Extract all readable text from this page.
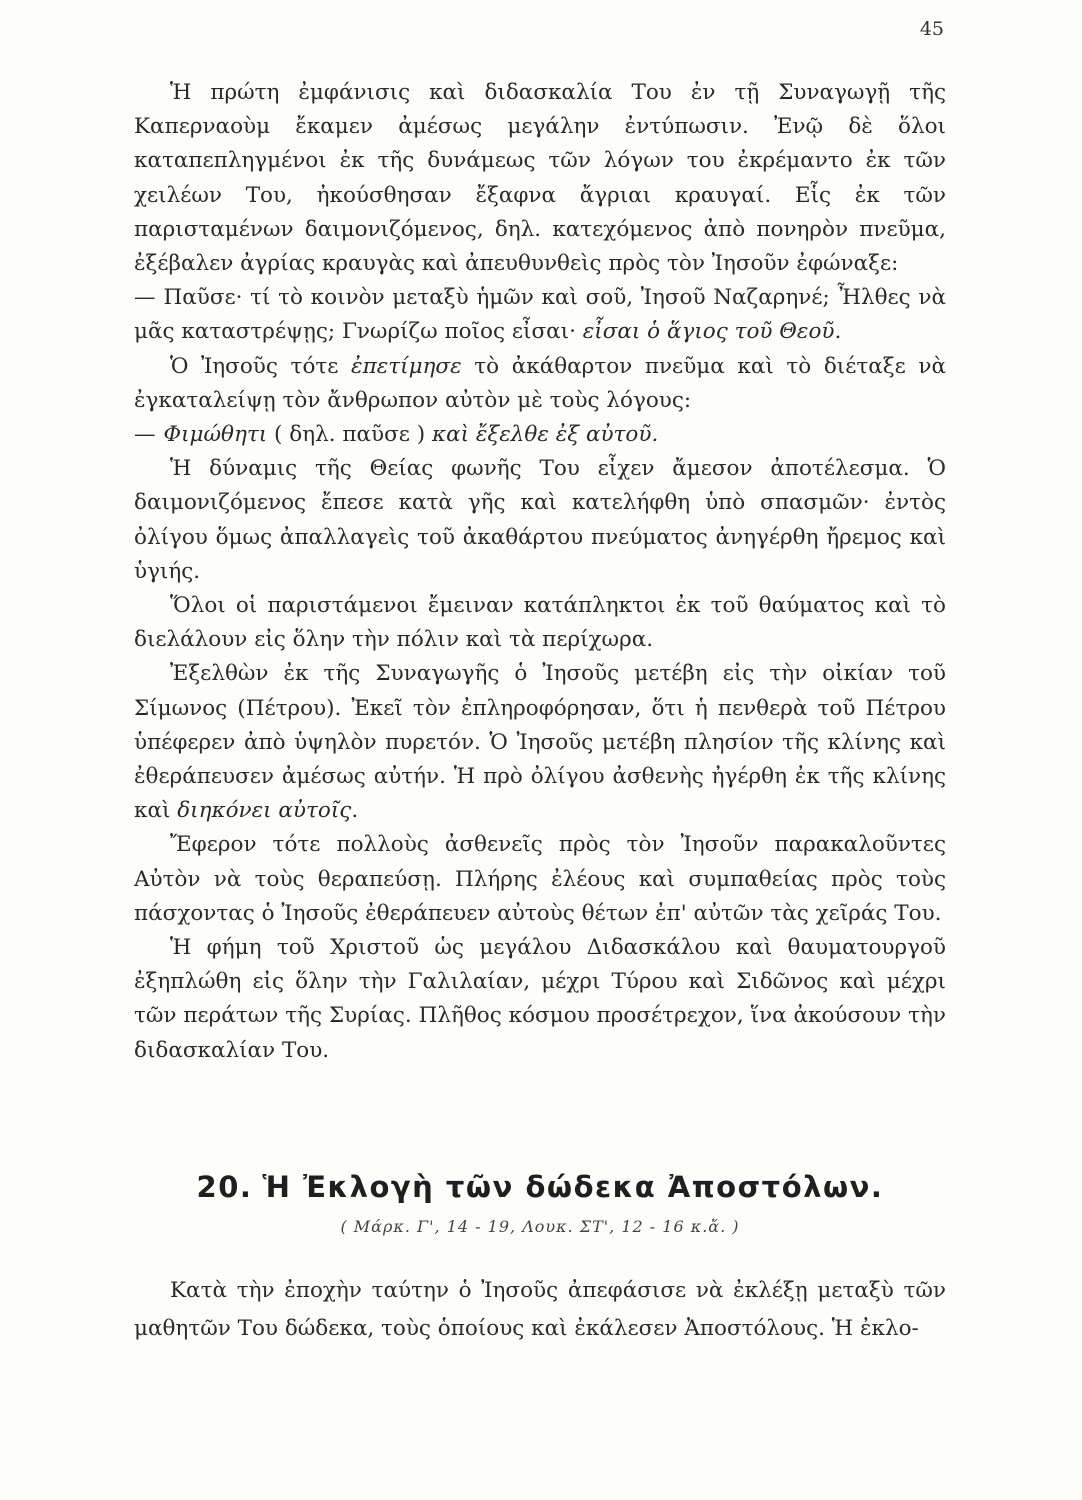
45

Ἡ πρώτη ἐμφάνισις καὶ διδασκαλία Του ἐν τῇ Συναγωγῇ τῆς Καπερναοὺμ ἔκαμεν ἀμέσως μεγάλην ἐντύπωσιν. Ἐνῷ δὲ ὅλοι καταπεπληγμένοι ἐκ τῆς δυνάμεως τῶν λόγων του ἐκρέμαντο ἐκ τῶν χειλέων Του, ἠκούσθησαν ἔξαφνα ἄγριαι κραυγαί. Εἷς ἐκ τῶν παρισταμένων δαιμονιζόμενος, δηλ. κατεχόμενος ἀπὸ πονηρὸν πνεῦμα, ἐξέβαλεν ἀγρίας κραυγὰς καὶ ἀπευθυνθεὶς πρὸς τὸν Ἰησοῦν ἐφώναξε:

— Παῦσε· τί τὸ κοινὸν μεταξὺ ἡμῶν καὶ σοῦ, Ἰησοῦ Ναζαρηνέ; Ἦλθες νὰ μᾶς καταστρέψῃς; Γνωρίζω ποῖος εἶσαι· εἶσαι ὁ ἅγιος τοῦ Θεοῦ.

Ὁ Ἰησοῦς τότε ἐπετίμησε τὸ ἀκάθαρτον πνεῦμα καὶ τὸ διέταξε νὰ ἐγκαταλείψῃ τὸν ἄνθρωπον αὐτὸν μὲ τοὺς λόγους:

— Φιμώθητι ( δηλ. παῦσε ) καὶ ἔξελθε ἐξ αὐτοῦ.

Ἡ δύναμις τῆς Θείας φωνῆς Του εἶχεν ἄμεσον ἀποτέλεσμα. Ὁ δαιμονιζόμενος ἔπεσε κατὰ γῆς καὶ κατελήφθη ὑπὸ σπασμῶν· ἐντὸς ὀλίγου ὅμως ἀπαλλαγεὶς τοῦ ἀκαθάρτου πνεύματος ἀνηγέρθη ἤρεμος καὶ ὑγιής.

Ὅλοι οἱ παριστάμενοι ἔμειναν κατάπληκτοι ἐκ τοῦ θαύματος καὶ τὸ διελάλουν εἰς ὅλην τὴν πόλιν καὶ τὰ περίχωρα.

Ἐξελθὼν ἐκ τῆς Συναγωγῆς ὁ Ἰησοῦς μετέβη εἰς τὴν οἰκίαν τοῦ Σίμωνος (Πέτρου). Ἐκεῖ τὸν ἐπληροφόρησαν, ὅτι ἡ πενθερὰ τοῦ Πέτρου ὑπέφερεν ἀπὸ ὑψηλὸν πυρετόν. Ὁ Ἰησοῦς μετέβη πλησίον τῆς κλίνης καὶ ἐθεράπευσεν ἀμέσως αὐτήν. Ἡ πρὸ ὀλίγου ἀσθενὴς ἠγέρθη ἐκ τῆς κλίνης καὶ διηκόνει αὐτοῖς.

Ἔφερον τότε πολλοὺς ἀσθενεῖς πρὸς τὸν Ἰησοῦν παρακαλοῦντες Αὐτὸν νὰ τοὺς θεραπεύσῃ. Πλήρης ἐλέους καὶ συμπαθείας πρὸς τοὺς πάσχοντας ὁ Ἰησοῦς ἐθεράπευεν αὐτοὺς θέτων ἐπ' αὐτῶν τὰς χεῖράς Του.

Ἡ φήμη τοῦ Χριστοῦ ὡς μεγάλου Διδασκάλου καὶ θαυματουργοῦ ἐξηπλώθη εἰς ὅλην τὴν Γαλιλαίαν, μέχρι Τύρου καὶ Σιδῶνος καὶ μέχρι τῶν περάτων τῆς Συρίας. Πλῆθος κόσμου προσέτρεχον, ἵνα ἀκούσουν τὴν διδασκαλίαν Του.

20. Ἡ Ἐκλογὴ τῶν δώδεκα Ἀποστόλων.
( Μάρκ. Γ', 14 - 19, Λουκ. ΣΤ', 12 - 16 κ.ἄ. )

Κατὰ τὴν ἐποχὴν ταύτην ὁ Ἰησοῦς ἀπεφάσισε νὰ ἐκλέξῃ μεταξὺ τῶν μαθητῶν Του δώδεκα, τοὺς ὁποίους καὶ ἐκάλεσεν Ἀποστόλους. Ἡ ἐκλο-
